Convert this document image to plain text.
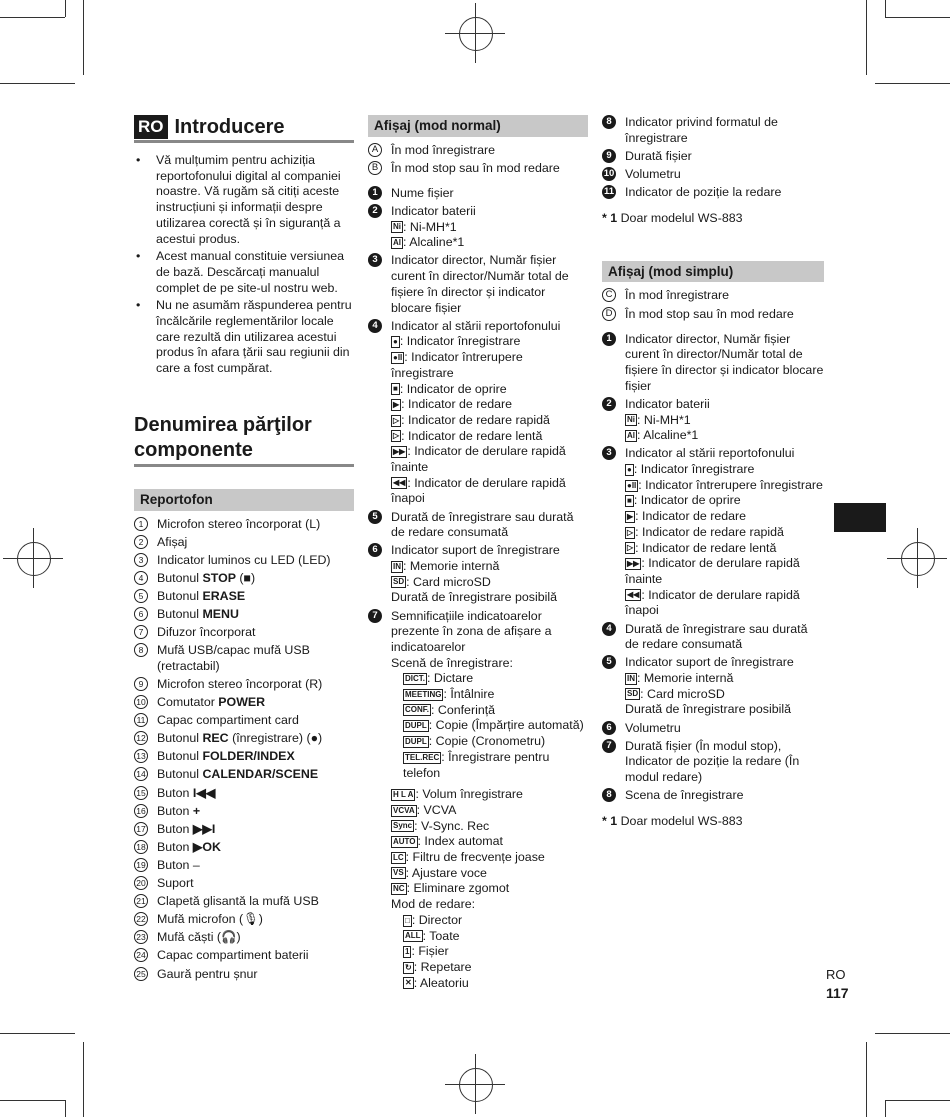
RO Introducere
• Vă mulțumim pentru achiziția reportofonului digital al companiei noastre. Vă rugăm să citiți aceste instrucțiuni și informații despre utilizarea corectă și în siguranță a acestui produs.
• Acest manual constituie versiunea de bază. Descărcați manualul complet de pe site-ul nostru web.
• Nu ne asumăm răspunderea pentru încălcările reglementărilor locale care rezultă din utilizarea acestui produs în afara țării sau regiunii din care a fost cumpărat.
Denumirea părţilor componente
Reportofon
1	Microfon stereo încorporat (L)
2	Afișaj
3	Indicator luminos cu LED (LED)
4	Butonul STOP (■)
5	Butonul ERASE
6	Butonul MENU
7	Difuzor încorporat
8	Mufă USB/capac mufă USB (retractabil)
9	Microfon stereo încorporat (R)
10 Comutator POWER
11 Capac compartiment card
12 Butonul REC (înregistrare) (●)
13 Butonul FOLDER/INDEX
14 Butonul CALENDAR/SCENE
15 Buton I◀◀
16 Buton +
17 Buton ▶▶I
18 Buton ▶OK
19 Buton –
20 Suport
21 Clapetă glisantă la mufă USB
22 Mufă microfon (🎙)
23 Mufă căști (🎧)
24 Capac compartiment baterii
25 Gaură pentru șnur
Afișaj (mod normal)
A	În mod înregistrare
B	În mod stop sau în mod redare
1	Nume fișier
2	Indicator baterii
Ni : Ni-MH*1
Al : Alcaline*1
3	Indicator director, Număr fișier curent în director/Număr total de fișiere în director și indicator blocare fișier
4	Indicator al stării reportofonului
● : Indicator înregistrare
●II : Indicator întrerupere înregistrare
■ : Indicator de oprire
▶ : Indicator de redare
▷ : Indicator de redare rapidă
▷ : Indicator de redare lentă
▶▶ : Indicator de derulare rapidă înainte
◀◀ : Indicator de derulare rapidă înapoi
5	Durată de înregistrare sau durată de redare consumată
6	Indicator suport de înregistrare
IN : Memorie internă
SD : Card microSD
Durată de înregistrare posibilă
7	Semnificațiile indicatoarelor prezente în zona de afișare a indicatoarelor
Scenă de înregistrare:
DICT. : Dictare
MEETING : Întâlnire
CONF. : Conferință
DUPL : Copie (Împărțire automată)
DUPL : Copie (Cronometru)
TEL.REC : Înregistrare pentru telefon
H L A : Volum înregistrare
VCVA : VCVA
Sync : V-Sync. Rec
AUTO : Index automat
LC : Filtru de frecvențe joase
VS : Ajustare voce
NC : Eliminare zgomot
Mod de redare:
□ : Director
ALL : Toate
1 : Fișier
↻ : Repetare
✕ : Aleatoriu
8	Indicator privind formatul de înregistrare
9	Durată fișier
10 Volumetru
11 Indicator de poziție la redare
* 1 Doar modelul WS-883
Afișaj (mod simplu)
C În mod înregistrare
D În mod stop sau în mod redare
1	Indicator director, Număr fișier curent în director/Număr total de fișiere în director și indicator blocare fișier
2	Indicator baterii
Ni : Ni-MH*1
Al : Alcaline*1
3	Indicator al stării reportofonului
● : Indicator înregistrare
●II : Indicator întrerupere înregistrare
■ : Indicator de oprire
▶ : Indicator de redare
▷ : Indicator de redare rapidă
▷ : Indicator de redare lentă
▶▶ : Indicator de derulare rapidă înainte
◀◀ : Indicator de derulare rapidă înapoi
4	Durată de înregistrare sau durată de redare consumată
5	Indicator suport de înregistrare
IN : Memorie internă
SD : Card microSD
Durată de înregistrare posibilă
6	Volumetru
7	Durată fișier (În modul stop), Indicator de poziție la redare (În modul redare)
8	Scena de înregistrare
* 1 Doar modelul WS-883
RO
117
